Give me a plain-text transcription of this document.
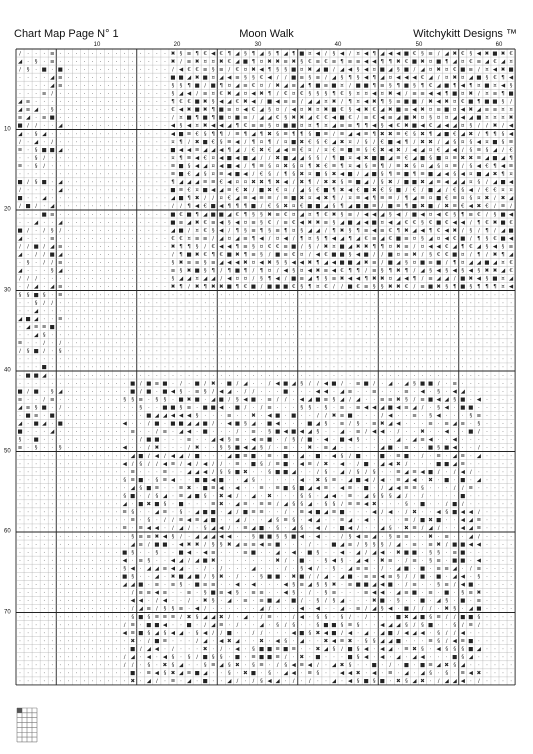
Chart Map Page N° 1	Moon Walk	Witchykitt Designs ™
10	20	30	40	50	60
10
20
30
40
50
60
70
∕ · · · ≡ · · · · · · · · · · · · · · ✖ § ≡ ¶ € ◀ € ¶ ◢ § ¶ ◢ § ¶ ◢ ¶ ■ ¤ ◀ ∕ § ◀ ∕ ¤ ◀ ¶ ◢ ◀ ◀ ■ € § ≡ ∕ ◢ ✖ € § ◀ ✖ ■ ✖ €
◢ · § · ≡ · · · · · · · · · · · · · · ✖ ∕ ≡ ✖ ¤ ¤ ✖ € ◢ ■ ¶ ¤ ✖ ✖ ≡ ✖ § € ≡ € ≡ ¶ ≡ ≡ ◀ ◀ ¶ ¶ ✖ € ■ ✖ ¤ ■ ¶ ◢ ¤ € ≡ ◢ € ◢ ¤
∕ § · ■ · ■ · · · · · · · · · · · · · ∕ ◀ € € ≡ § ≡ ∕ € ¤ ✖ ◀ ¶ § § ■ ¤ ✖ ◢ ■ ∕ ◢ ◀ § ◀ ¤ ■ ◢ § ■ ∕ ◢ ¤ ✖ ¤ € ■ ≡ ∕ ¤ ◀ ✖ ■
· · · · ◢ ≡ · · · · · · · · · · · · · ■ ■ ◢ ✖ ■ ¤ ◢ ◀ ≡ § § € ◀ ∕ ∕ ■ ≡ § ≡ ∕ ◢ § ¶ § ◀ ¶ ◢ ¤ ◀ ◀ ◀ € ◢ ∕ ¤ ✖ ¤ ◢ ■ § € ¶ ◀
· · · · ◢ ≡ · · · · · · · · · · · · · § § ¶ ■ ∕ ■ ¶ ¤ ◢ ≡ € ¤ ∕ ✖ ◢ ≡ ◢ ¶ ■ ≡ ■ ¤ ∕ ■ ■ ¶ ≡ § ¶ ■ § ¶ € ◢ ■ ¶ ◀ ¶ ¤ ■ ¤ ◀ §
· · · ≡ ∕ · · · · · · · · · · · · · · § ◢ ◀ ∕ ≡ ¤ € ✖ ◢ ¤ ◀ ✖ ¶ ∕ € ¤ € § § § ¶ € § ¤ ¤ ◀ ¤ ✖ ◀ ∕ ≡ ≡ ◀ ◀ ¶ ■ ¤ ✖ ∕ ¤ ≡ ¶ ■
◢ ≡ · · · · · · · · · · · · · · · · · ¶ € € ■ ✖ § ◀ ◢ € ✖ ◀ ∕ ■ ◀ ≡ ≡ ∕ ◢ ◢ ¤ ✖ ∕ ¶ ¤ ◀ ✖ ¶ § ≡ ■ ■ ∕ ✖ ◀ ✖ ¤ € ■ ¶ ■ ■ § ∕
◢ ≡ ◢ · § · · · · · · · · · · · · · · € ◀ ✖ ■ ✖ ¶ ■ ≡ ¤ ◀ € ◢ § ¤ ∕ ◀ ¤ ✖ ¤ ✖ ■ € § ◀ ✖ € ◢ ✖ ■ ≡ ◀ ✖ ¤ ≡ ■ ¤ ◀ ✖ ◢ ≡ ≡ ¤ ¤
≡ ◢ · ≡ ■ · · · · · · · · · · · · · · ∕ ¤ ■ ¶ ■ ¶ ■ ¤ ■ ≡ ∕ ◢ ◢ € § ✖ ✖ ◢ € € ◀ ■ € ∕ ≡ € ◀ ≡ ◢ ■ ✖ ¤ § ¤ ¤ ◢ ◀ ◢ ■ ¤ ¤ ¤ ✖
■ ∕ ∕ · · ◢ · · · · · · · · · · · · · ◀ § ◀ ¤ ✖ ◀ ◀ ◢ ¶ € ≡ ≡ § ¤ ■ ■ ¤ ¤ ¶ ¤ ◢ ≡ ≡ ¶ ¶ ◀ § ◀ € ✖ ■ ◀ € ◢ ◀ ◢ ¤ § ∕ ∕ ✖ ∕ ◀
◢ · § ◢ · · · · · · · · · · · · · · · ◀ ■ ≡ € § ¶ ¶ ∕ ≡ ¶ ◢ ¶ ✖ § ≡ ¶ ¶ § ■ ≡ ∕ ≡ ◢ ◀ ≡ ¶ ✖ ✖ ≡ € § ✖ ¶ ◢ ■ € ◢ ✖ ∕ ¶ ¶ § ◀
∕ · ◢ · ∕ · · · · · · · · · · · · · · ¤ ¶ ∕ ✖ ■ € § ≡ ◀ ∕ ¶ ¤ ¶ ∕ ¤ ■ ✖ € § € ◢ ✖ ¤ ∕ § ∕ € ■ ◀ ¶ ∕ ✖ ✖ ∕ ◢ § ¤ § ◀ ¤ ■ § ≡
≡ · § ■ ■ ◢ · · · · · · · · · · · · · ■ ◀ ◀ ≡ ◢ ◢ ◀ ¶ ◢ ∕ € ✖ € ◢ ◀ ≡ € ¤ ∕ ¤ € ≡ ■ ≡ § € ✖ ◀ ✖ ∕ ◀ ◢ ¤ € ◢ ◀ ∕ § ≡ § ◢ ∕ €
· · § ∕ · · · · · · · · · · · · · · · ¤ ¶ ≡ ◀ € ¤ ◀ ■ ◀ ■ ◢ ∕ ∕ ✖ ■ ◢ ◢ § § ∕ ¶ ■ ¤ ◀ ✖ ■ ■ ◢ ≡ € ◢ ■ § ■ ¤ ≡ ✖ ✖ ≡ ◢ ■ ◢ ¶
≡ · § ∕ · · · · · · · · · · · · · · · ≡ ■ § ◀ ◢ ¤ ◀ ■ ◀ ∕ ¶ ≡ § ¤ ✖ § ¤ ¶ ✖ € ≡ ¶ ¤ ◀ § ≡ ¶ ∕ ≡ ✖ § ¤ ◢ § ¤ ≡ ∕ § ◀ € ¶ ◀ ≡
· · · · · · · · · · · · · · · · · · · ≡ ■ € ◢ § ¤ ≡ ◀ ■ ◀ ∕ € § ∕ ¶ § ✖ ¤ ■ § ✖ ◀ ■ ∕ ◢ ■ § ¶ ≡ ■ ¶ ≡ ■ ◢ ◀ § ◀ ¤ ■ ◢ ✖ ¶ ¤
■ ∕ § ■ · ◢ · · · · · · · · · · · · · ¶ ◢ ◢ ◢ ≡ ≡ € ◀ ¤ ¤ ✖ ✖ ¶ ✖ ◀ ∕ ✖ ¶ ∕ ✖ ✖ § ≡ ■ ◢ ∕ § ✖ ∕ ■ ■ ✖ ◢ ≡ ◀ ◢ ◢ ¤ § ∕ ◢ ■ ◀
∕ · · · · ◢ · · · · · · · · · · · · · ■ ≡ € ¤ ■ ◀ ◢ ≡ € ✖ ∕ ■ ✖ € ¤ ∕ ◢ § € ■ ¶ ✖ ◀ € ■ ✖ € § ■ ∕ € ∕ ■ ◢ ∕ € § ◀ ∕ € € ¤ ¤
■ · · ◢ · · · · · · · · · · · · · · · ◢ ■ ¶ ✖ ∕ ∕ ¤ € ◢ ≡ ◀ ≡ ≡ ∕ ≡ ■ ✖ ¤ ◀ ✖ ¶ ∕ ¤ ≡ ◀ ¶ ≡ ≡ ∕ ¶ ◢ ≡ ¤ ■ € ≡ ¤ § ¤ ✖ ∕ ✖ ◢
∕ ■ ∕ · ◢ · · · · · · · · · · · · · · ∕ ∕ ¶ ◀ € ■ ◀ ¶ ¶ ¶ ■ ∕ € § ✖ ¤ € ■ ■ ◢ § ¶ ◢ ■ ■ ≡ ∕ ■ ≡ ¶ ■ ✖ ■ ∕ ✖ ≡ € ◀ ✖ € ∕ ≡ ∕
· · · ■ ≡ · · · · · · · · · · · · · · ■ € ■ ¶ ◢ ■ ■ ◢ € ¶ § § ✖ ≡ € ¤ ◢ ¤ ¶ € ✖ § ≡ ∕ ◀ ◀ ◢ § ◀ ∕ ■ ◀ ¤ ◀ € § ¶ ≡ € ∕ § ■ ◀
· · ◢ · · ◢ · · · · · · · · · · · · · ■ ≡ ◢ ✖ € ≡ ◀ § ◀ ¤ ≡ § € ∕ ≡ € ◀ ✖ ✖ ≡ § ◢ ■ ◢ ◀ ■ ¤ ◀ ◢ € € § € ■ € ◀ ◀ ∕ ¶ € ✖ ■ €
■ ∕ · ∕ § ∕ · · · · · · · · · · · · · ◢ ■ ∕ ¤ € § ◀ ∕ ¶ § ≡ ¶ § ≡ ¶ ¤ § ◢ ◢ ∕ ¶ ✖ § ¶ ≡ ◀ ≡ € ¶ ✖ ◢ ◀ ¶ € ◀ ✖ ∕ § ∕ ¶ ∕ ◢ ■
◢ · · · ≡ · · · · · · · · · · · · · · € € ¤ ≡ ≡ ∕ ◢ ¤ ◢ ≡ ¶ ◀ ∕ ¤ ◀ ∕ ¶ ¤ § ¶ ◀ ◢ ¶ ◢ € ≡ ◢ € ■ ≡ ¤ § ◢ ¤ ◀ € ■ ∕ ¶ § € ■ ◀
∕ ∕ ■ ∕ ◢ ≡ · · · · · · · · · · · · · ✖ ¶ ¶ § ∕ € ◀ ◀ ¶ ≡ § ¤ € € ≡ ■ ∕ § ∕ ✖ ¤ ■ ◢ ✖ ✖ ¶ ¶ ¤ ✖ ≡ ∕ ¤ ◀ ◀ € ◢ ¶ € ◢ § ◀ § ≡
◢ · ∕ ∕ ■ ◢ · · · · · · · · · · · · · ∕ ¶ ■ ✖ € ¶ € ■ ✖ ¶ ≡ § ∕ ■ ≡ € ¤ ∕ ◀ € ■ ■ § ◀ ■ ∕ ∕ ■ ¤ ≡ ✖ ∕ § € € ■ ¤ ∕ ¶ ∕ ✖ ¶ ◢
· § · ∕ ∕ ≡ · · · · · · · · · · · · · § ✖ ≡ ≡ § ≡ ◢ ◀ ◀ ✖ ¤ ◀ ✖ § § ◀ ◀ ✖ ¶ ◢ ◀ ■ ■ ◢ ✖ ≡ ∕ ■ ◢ § ¤ ■ ≡ ■ ∕ ¶ ¤ ◢ ◢ ■ ◢ ¤ €
◢ · · · § ◢ · · · · · · · · · · · · · ≡ § ✖ ■ § ¶ ∕ ¶ ■ ¶ ∕ ¶ ¤ ∕ ◀ § ¤ ◀ ✖ ≡ ◀ € ¶ ¶ ∕ ≡ § ¶ ✖ ¶ ∕ ◢ § ◀ § ◀ § ◀ § ✖ ✖ ◢ €
∕ ∕ ∕ · · · · · · · · · · · · · · · · § ◢ ◢ ¤ ◢ ◢ ∕ ◀ ¤ ¤ ∕ § ¶ ◀ ∕ ■ ≡ ◢ ¶ § ≡ ✖ ◀ ◀ ¶ ✖ ✖ ¤ ◢ ◀ ¶ ∕ ≡ ◢ ◢ ∕ ■ ✖ ◀ § ■ ¤ ◢
· ∕ ◢ · ◢ ≡ · · · · · · · · · · · · · ✖ ¶ ∕ ✖ ¶ ✖ ✖ ■ ¶ € ■ ∕ ■ ■ ■ € § ¶ ¤ € ∕ ∕ ■ € ≡ § § ✖ ✖ € ∕ ≡ ■ ✖ § ¶ ■ § ¶ ¶ ¶ ¤ ◀
§ § ■ § · ≡ · · · · · · · · · · · · · · · · · · · · · · · · · · · · · · · · · · · · · · · · · · · · · · · · · · · · · · · ·
· · § ∕ ∕ · · · · · · · · · · · · · · · · · · · · · · · · · · · · · · · · · · · · · · · · · · · · · · · · · · · · · · · · ·
· · ◢ · · · · · · · · · · · · · · · · · · · · · · · · · · · · · · · · · · · · · · · · · · · · · · · · · · · · · · · · · · ·
◢ ■ ◢ · · ≡ · · · · · · · · · · · · · · · · · · · · · · · · · · · · · · · · · · · · · · · · · · · · · · · · · · · · · · · ·
· ◢ ≡ ≡ ■ · · · · · · · · · · · · · · · · · · · · · · · · · · · · · · · · · · · · · · · · · · · · · · · · · · · · · · · · ·
· · ◢ § · · · · · · · · · · · · · · · · · · · · · · · · · · · · · · · · · · · · · · · · · · · · · · · · · · · · · · · · · ·
≡ · · ∕ · ∕ · · · · · · · · · · · · · · · · · · · · · · · · · · · · · · · · · · · · · · · · · · · · · · · · · · · · · · · ·
∕ § ■ ∕ · § · · · · · · · · · · · · · · · · · · · · · · · · · · · · · · · · · · · · · · · · · · · · · · · · · · · · · · · ·
· · · · · · · · · · · · · · · · · · · · · · · · · · · · · · · · · · · · · · · · · · · · · · · · · · · · · · · · · · · · · ·
· · · ■ · · · · · · · · · · · · · · · · · · · · · · · · · · · · · · · · · · · · · · · · · · · · · · · · · · · · · · · · · ·
· ■ ■ ◢ · · · · · · · · · · · · · · · · · · · · · · · · · · · · · · · · · · · · · · · · · · · · · · · · · · · · · · · · · ·
· · · · · · · · · · · · · · ■ ∕ ■ ≡ ■ · ∕ · ■ ∕ ✖ · ■ ∕ ◢ · · ∕ ◀ ■ ◢ § ∕ ∕ ◀ ■ ∕ · ≡ ■ ∕ · ◢ · ◢ § ■ ■ ∕ · ≡ · · · · · · ·
■ ∕ ■ · § ◢ · · · · · · · · ■ ∕ ■ · ■ ◀ § · ≡ § ∕ ◀ ◢ · ∕ ∕ · · · ■ · · · ◀ ◀ · ◢ ≡ · · ≡ · · · ≡ · ◀ · § · ◀ ◢ · · · · · ·
≡ · · ∕ ≡ · · · · · · · · § § ≡ · § § · ■ ✖ ■ · ◢ ■ ∕ § ◀ ■ · ≡ ∕ ∕ · ◀ ◢ ■ ≡ § ◢ ∕ ◢ · · ≡ ≡ ✖ § ∕ ≡ ■ ◀ ◢ § ■ · ◀ · · · ·
◢ ≡ § ■ · ∕ · · · · · · · · · § · · ■ ■ § ≡ · ■ ■ ◀ · ■ ∕ · ∕ ≡ · · · § § · § · ≡ · ≡ ◀ ◀ ◢ ■ ◀ ≡ ◢ ∕ · § ◀ · ■ ■ · · · · ·
· ■ ≡ · ■ · · · · · · · · · · · ■ ◢ ◢ ◀ ◀ ◀ § · · · ≡ · · ✖ · ◀ ■ · ■ · · ∕ ∕ ✖ ≡ ■ · · · ∕ ◀ · · ≡ · § ◀ · · · § ≡ · · · ·
◢ · ■ ◢ · ■ · · · · · · · ◀ · · ∕ ■ · ■ ■ ◢ ◢ ■ ∕ · ◀ ■ § ◢ · ■ ◀ · · · ■ ◢ § · ≡ ∕ § · ≡ ✖ ◢ ◀ · · · ≡ · ≡ ◢ ≡ · § · · · ·
■ · · · ◢ · · · · · · · · · ≡ · · ∕ ≡ · ◢ ◀ · ■ · · · ∕ · ≡ · § ■ ◀ ■ ◀ ◢ § · · ◢ · ≡ ∕ ◀ ◀ · ∕ · · ✖ · · ◀ · · ■ ∕ · · · ·
§ · ■ · · · · · · · · · · · · ∕ ■ ■ · · · ≡ · · ◢ ◀ § ≡ · ◀ ≡ ■ · ∕ § ∕ ■ · ◀ · ■ ◀ § · · · · ◢ · ◢ ≡ ◀ · · ◀ · · · · · · ·
≡ · § · · § · · · · · · · ◀ · · ∕ ✖ · · · ∕ ✖ · · § § ■ ◀ ◢ § ∕ · ≡ · · ✖ · ≡ ◢ · · · · · ◢ ■ · ≡ · · ■ § ■ ◀ · · ∕ · · · ·
· · · · · · · · · · · · · · ◢ ■ ∕ ◀ ∕ ◀ ◢ ∕ ■ · · · ◢ ■ ≡ ■ · ≡ · ■ · ◢ · ■ · ◀ § ∕ ■ · · ■ · ≡ ■ · ∕ · ≡ · ◢ ≡ · ◢ · · · ·
· · · · · · · · · · · · · ◀ ∕ § ∕ ∕ ◀ ≡ ∕ ◀ ∕ ◀ ∕ ∕ · ≡ · ■ § ∕ ≡ ■ · ◀ ≡ ∕ ✖ · ◀ · ∕ ■ · ◢ ◀ ✖ ∕ · · · ■ ■ ◢ ≡ · · · · · ·
· · · · · · · · · · · · · · ≡ · · · ≡ · · ◢ ◢ ◀ ∕ § § ■ ✖ · · § ■ ■ ◢ · · ∕ § · ◢ ∕ § ∕ § · · ≡ ◢ ≡ ◀ ■ ∕ · ∕ ◀ ∕ · · · · ·
· · · · · · · · · · · · · § ≡ ■ · § ≡ ◀ · · ■ ■ ◀ ■ · · ◢ § · · · · · ◀ · ✖ § ≡ · ◢ ■ ◀ ∕ ◀ · ≡ ◢ ◀ · ✖ · ■ · ■ · ◢ · · · ·
· · · · · · · · · · · · · · ◢ § ■ ≡ · · ≡ ✖ · ■ ≡ ◀ · ◀ · · ≡ · ≡ ■ § ■ ◢ ◀ ≡ · ◀ ≡ · ■ · ∕ ◢ ◀ ≡ ≡ § · · · ∕ ∕ ≡ · · · · ·
· · · · · · · · · · · · · § ■ · ∕ § ◢ · ≡ ◢ ■ § · ✖ ◀ ∕ · ◢ · ✖ · · · § § · ◢ ◀ · ≡ · ◢ § § § ◢ ∕ · ∕ · · · · ■ · · · · · ·
· · · · · · · · · · · · · ◢ · ■ ✖ ■ § · ■ · · · ≡ ✖ · ◢ ≡ · ≡ ≡ ∕ ◢ § § ◢ · § § ∕ ≡ ≡ ◀ ✖ · · · § · ■ · · ∕ ■ ∕ · · · · · ·
· · · · · · · · · · · · · ≡ § · · ◢ ≡ · § · ◢ ■ ■ · ◢ ∕ ■ ≡ ≡ · · ∕ · ≡ ◀ ■ ◢ ≡ ■ · · · ◀ ∕ ◀ · ∕ ✖ · · ◀ § ■ ◀ ◀ ∕ · · · ·
· · · · · · · · · · · · · · ≡ · § · ∕ ∕ ≡ ◀ ≡ ◢ ■ · · ◢ ∕ · · ◢ § ≡ § · ◀ ◢ · · ≡ ◢ · ◀ · · · · ≡ ∕ ■ ✖ ■ · · ◀ ◢ ≡ · · · ·
· · · · · · · · · · · · · ≡ · ≡ ◀ ◀ · ∕ ◢ ∕ · § ◢ ◀ ∕ · ≡ ◢ ■ · § · ◢ § · ◀ ∕ · ■ ◀ ∕ · · ◢ § · ✖ ≡ ∕ ◢ ∕ · · ◀ ◢ ≡ · · · ·
· · · · · · · · · · · · · · § ≡ ≡ ✖ ◀ § ∕ · ◢ ◢ ◢ ◀ ◀ · · § ■ ■ § § ■ ◀ · ◀ · · ∕ § ◀ ≡ ◢ · § ≡ ≡ · · ✖ · ≡ · · ◢ ∕ · · · ·
· · · · · · · · · · · · · · ◢ ≡ ∕ ■ ■ · ◀ ✖ ✖ ∕ § § ✖ ◢ ≡ ≡ ◀ ≡ ■ · · · ∕ · · ■ ◢ ≡ ∕ § § § ∕ ◢ · ≡ · ≡ ✖ ∕ ■ ■ ◀ ◀ · · · ·
· · · · · · · · · · · · · ■ § · · § · · ■ ◀ · ◀ ≡ · · · ≡ ■ · · ◢ · ◀ · ■ § · · ◀ · ◢ ∕ ◢ ◀ · ✖ ■ ■ · § § · ≡ ■ · · · · · ·
· · · · · · · · · · · · · ◀ · ≡ § · · ◀ ◢ ∕ ◢ ■ ✖ · · · · · · · ✖ ∕ · ■ · · § ◀ § · ◢ ◀ · ✖ ≡ · ∕ ≡ · § ≡ · ■ ■ · ◀ · · · ·
· · · · · · · · · · · · · § ◀ · ◢ ◢ ≡ ◀ ◢ · · ∕ · ∕ · · · ◢ · · · ∕ · § ◀ ∕ · § · ◢ ≡ ≡ · ∕ · ◢ ■ · ■ · ≡ ≡ ◢ · ∕ ≡ · · · ·
· · · · · · · · · · · · · ■ § · · ◢ · ✖ ■ ◢ ■ ∕ § ✖ · ∕ · · § ■ ■ · ✖ ■ ∕ ∕ ◢ · ◢ ■ · ≡ ≡ ◀ ≡ § ∕ ∕ ■ · ■ · ◢ ◀ · § · · · ·
· · · · · · · · · · · · · ◢ ◢ ■ · ≡ · ≡ § · ■ ≡ ≡ · · ◀ · ◀ · · · ◀ § ≡ ◢ § § ✖ · ≡ ■ ■ ◢ ◀ ■ · ∕ ≡ · · § ≡ ∕ ◀ ■ · · · · ·
· · · · · · · · · · · · · · ∕ ≡ ≡ ◀ ≡ · · ≡ · § ■ ≡ ◀ § · ≡ ≡ · · ◀ § · ∕ · § ≡ · · · ≡ ◀ ◀ · ◢ ≡ ■ · ≡ · ■ · § ≡ ✖ · · · ·
· · · · · · · · · · · · · · ◀ ◀ · ∕ ◀ · · ∕ · ✖ § · ◢ · ≡ · ≡ ■ ◢ · ■ ∕ · § ∕ § ◢ · · · ✖ ■ · § · · ■ · ◢ § · ■ · ≡ · · · ·
· · · · · · · · · · · · · · ∕ ◢ ≡ ∕ § § ≡ · ◀ ∕ · · · · · · ◢ ∕ · · · ◀ · ◀ · · ◢ · ≡ ∕ ◢ § ◀ · ■ ∕ ∕ ∕ · ✖ § · ◢ ■ · · · ·
· · · · · · · · · · · · · · § ■ § ≡ ≡ ≡ ∕ ✖ § ◢ ◢ ✖ ∕ · ◢ · ∕ ≡ · · ∕ ◀ · § § · § ∕ · ∕ · · · ■ ✖ ◢ ■ § ≡ ∕ ∕ ■ ■ § · · · ·
· · · · · · · · · · · · · ∕ ≡ · ■ ■ ◀ · · ■ · ∕ ◢ ≡ · ∕ · · ◢ · § ∕ § · · § ■ ■ § ≡ § · · ◀ ◢ ◢ § ∕ § ■ · · § ∕ ≡ ∕ · · · ·
· · · · · · · · · · · · · ◀ ≡ ■ § ◢ § ◀ ◢ · § ◀ ∕ ∕ ■ · · ∕ ∕ · · · ◀ ■ § ✖ ◀ ■ ∕ ◀ · ◢ · ◢ ■ ∕ ◀ ◢ ◀ · § ∕ ∕ ◀ · · · · · ·
· · · · · · · · · · · · · · ✖ · ∕ ■ ≡ · · · ∕ ◢ · ◀ ✖ ◢ · · ✖ · ◀ § · ◢ · · ✖ ◀ ≡ ✖ · § § ◢ ◢ ■ · · · ≡ § ∕ ◀ ≡ ■ · · · · ·
· · · · · · · · · · · · · · ■ ∕ ◢ ◀ · ∕ · · · ✖ · ∕ · ◀ · § ■ ■ ≡ ■ ≡ · · ✖ ◢ § ∕ ■ § ◀ · ◀ ◢ · ≡ ✖ § · ◀ § § § ■ ◢ · · · ·
· · · · · · · · · · · · · ∕ ◢ · ◀ · ◀ § · § ∕ ■ § § · ■ · ≡ ■ ■ ≡ ∕ · ✖ · ■ · · · ■ § ◀ · ◀ · ◢ · ◢ ◀ · · · ■ § ◢ · · · · ·
· · · · · · · · · · · · · ∕ ∕ · § · ✖ § ◢ · · § ≡ ◢ § ✖ · § ≡ · ∕ § ◀ ≡ ◀ ∕ · ◢ ✖ § · · ■ · ∕ · ■ · ■ ≡ ◢ ✖ § ◢ · · · · · ·
· · · · · · · · · · · · · · ■ · ≡ ◀ § ✖ ◢ ≡ ■ ◢ · · § · ✖ ■ · § · ◢ ◀ · ≡ § · · ◀ ◀ ✖ · ◀ · ≡ · ◢ · ◢ § · § · ≡ ◀ ✖ · · · ·
· · · · · · · · · · · · · · ✖ · ◢ ∕ · ≡ · ◢ · ■ · · ◢ ∕ · ∕ § ◀ ◢ · ∕ · ∕ · · ◢ · ◀ § ■ § ■ · ✖ § ◢ ✖ · ∕ ◢ ◢ ◀ · ∕ · · · ·
